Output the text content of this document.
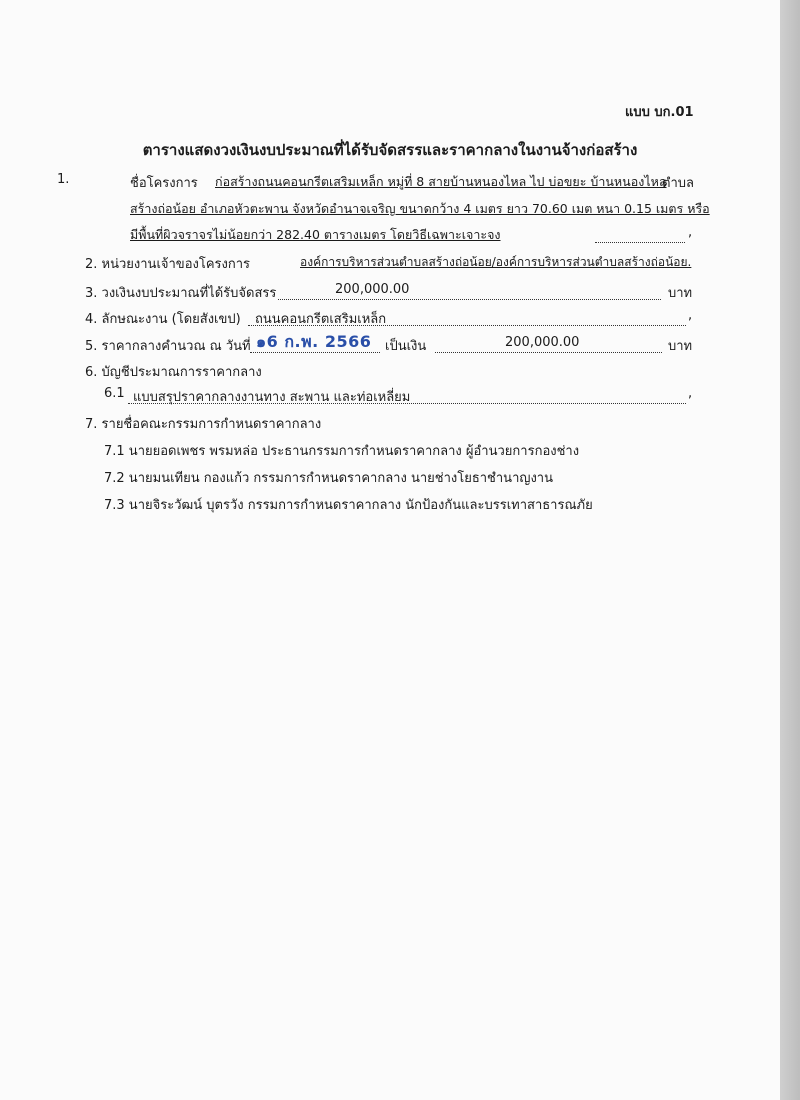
แบบ บก.01
ตารางแสดงวงเงินงบประมาณที่ได้รับจัดสรรและราคากลางในงานจ้างก่อสร้าง
1.	ชื่อโครงการ ก่อสร้างถนนคอนกรีตเสริมเหล็ก หมู่ที่ 8 สายบ้านหนองไหล ไป บ่อขยะ บ้านหนองไหล
ตำบล
สร้างถ่อน้อย อำเภอหัวตะพาน จังหวัดอำนาจเจริญ ขนาดกว้าง 4 เมตร ยาว 70.60 เมต หนา 0.15 เมตร หรือ
มีพื้นที่ผิวจราจรไม่น้อยกว่า 282.40 ตารางเมตร โดยวิธีเฉพาะเจาะจง	,
2. หน่วยงานเจ้าของโครงการ	องค์การบริหารส่วนตำบลสร้างถ่อน้อย/องค์การบริหารส่วนตำบลสร้างถ่อน้อย.
3. วงเงินงบประมาณที่ได้รับจัดสรร	200,000.00	บาท
4. ลักษณะงาน (โดยสังเขป) ถนนคอนกรีตเสริมเหล็ก	,
5. ราคากลางคำนวณ ณ วันที่ ๑6 ก.พ. 2566 เป็นเงิน	200,000.00	บาท
6. บัญชีประมาณการราคากลาง
6.1 แบบสรุปราคากลางงานทาง สะพาน และท่อเหลี่ยม	,
7. รายชื่อคณะกรรมการกำหนดราคากลาง
7.1 นายยอดเพชร พรมหล่อ ประธานกรรมการกำหนดราคากลาง ผู้อำนวยการกองช่าง
7.2 นายมนเทียน กองแก้ว กรรมการกำหนดราคากลาง นายช่างโยธาชำนาญงาน
7.3 นายจิระวัฒน์ บุตรวัง กรรมการกำหนดราคากลาง นักป้องกันและบรรเทาสาธารณภัย
